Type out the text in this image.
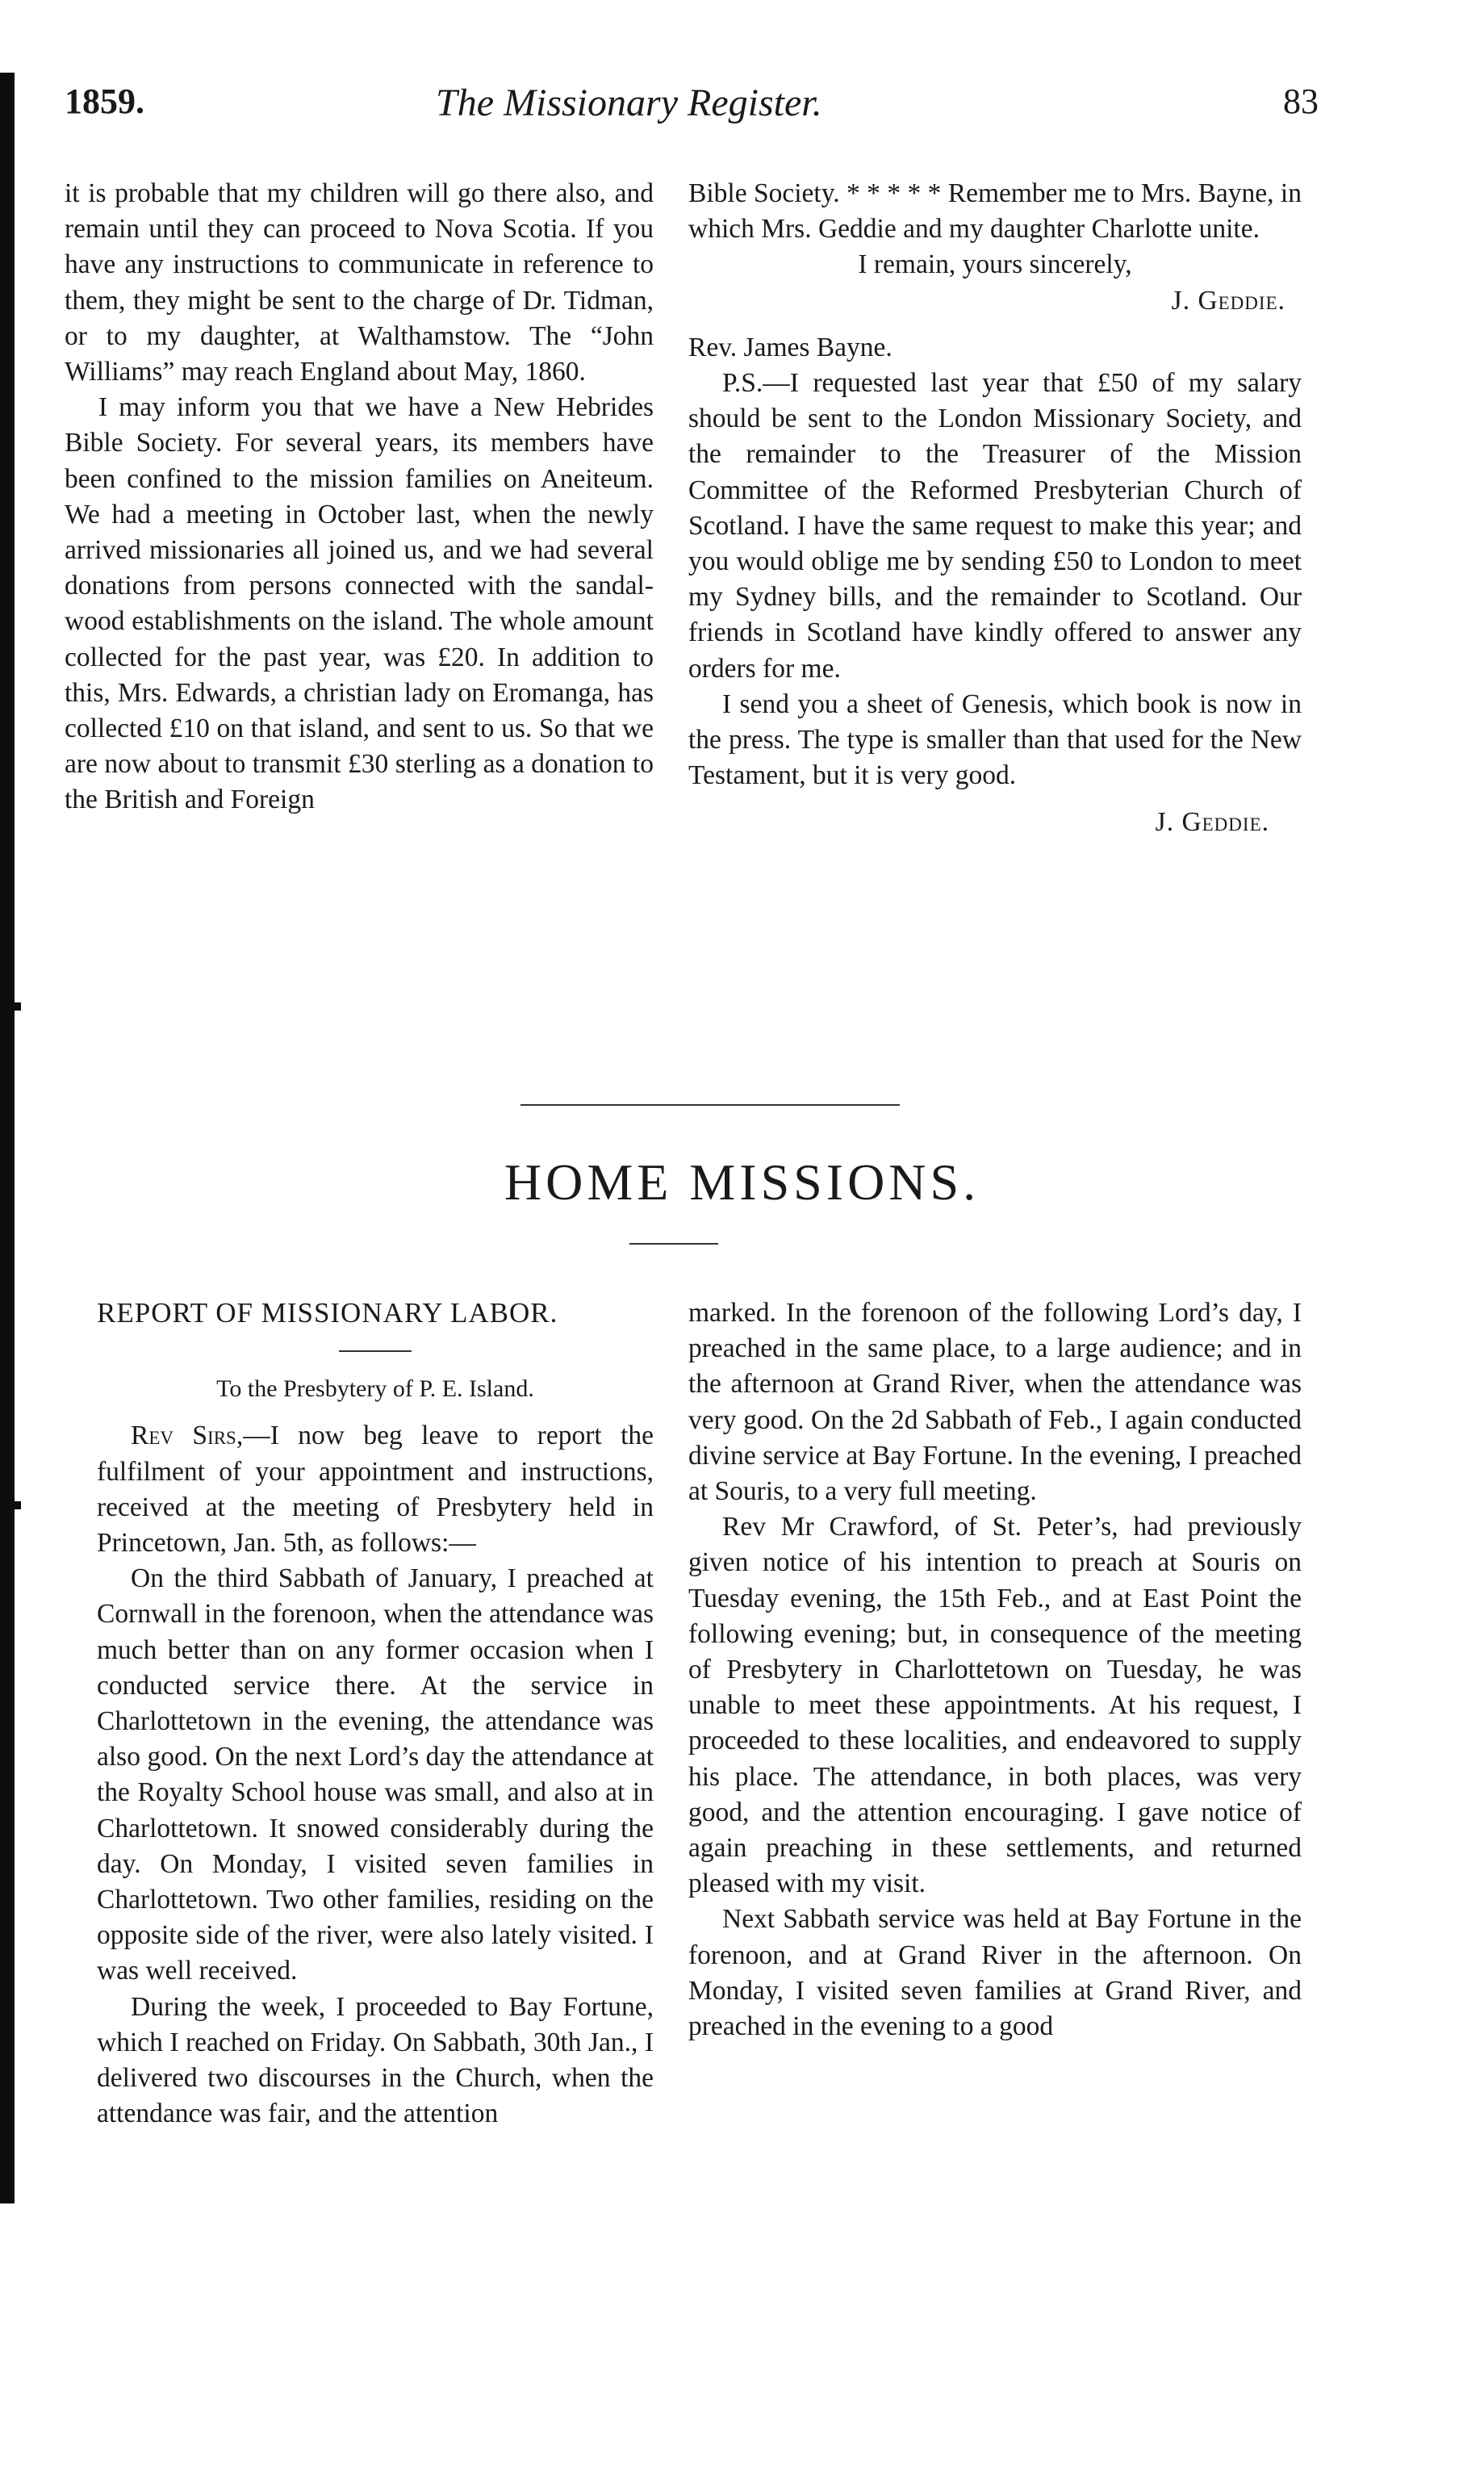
1859.	The Missionary Register.	83

it is probable that my children will go there also, and remain until they can proceed to Nova Scotia. If you have any instructions to communicate in reference to them, they might be sent to the charge of Dr. Tidman, or to my daughter, at Walthamstow. The “John Williams” may reach England about May, 1860.

I may inform you that we have a New Hebrides Bible Society. For several years, its members have been confined to the mission families on Aneiteum. We had a meeting in October last, when the newly arrived missionaries all joined us, and we had several donations from persons connected with the sandal-wood establishments on the island. The whole amount collected for the past year, was £20. In addition to this, Mrs. Edwards, a christian lady on Eromanga, has collected £10 on that island, and sent to us. So that we are now about to transmit £30 sterling as a donation to the British and Foreign

Bible Society. * * * * * Remember me to Mrs. Bayne, in which Mrs. Geddie and my daughter Charlotte unite.

I remain, yours sincerely,

J. Geddie.

Rev. James Bayne.

P.S.—I requested last year that £50 of my salary should be sent to the London Missionary Society, and the remainder to the Treasurer of the Mission Committee of the Reformed Presbyterian Church of Scotland. I have the same request to make this year; and you would oblige me by sending £50 to London to meet my Sydney bills, and the remainder to Scotland. Our friends in Scotland have kindly offered to answer any orders for me.

I send you a sheet of Genesis, which book is now in the press. The type is smaller than that used for the New Testament, but it is very good.

J. Geddie.

HOME MISSIONS.

REPORT OF MISSIONARY LABOR.

To the Presbytery of P. E. Island.

Rev Sirs,—I now beg leave to report the fulfilment of your appointment and instructions, received at the meeting of Presbytery held in Princetown, Jan. 5th, as follows:—

On the third Sabbath of January, I preached at Cornwall in the forenoon, when the attendance was much better than on any former occasion when I conducted service there. At the service in Charlottetown in the evening, the attendance was also good. On the next Lord’s day the attendance at the Royalty School house was small, and also at in Charlottetown. It snowed considerably during the day. On Monday, I visited seven families in Charlottetown. Two other families, residing on the opposite side of the river, were also lately visited. I was well received.

During the week, I proceeded to Bay Fortune, which I reached on Friday. On Sabbath, 30th Jan., I delivered two discourses in the Church, when the attendance was fair, and the attention

marked. In the forenoon of the following Lord’s day, I preached in the same place, to a large audience; and in the afternoon at Grand River, when the attendance was very good. On the 2d Sabbath of Feb., I again conducted divine service at Bay Fortune. In the evening, I preached at Souris, to a very full meeting.

Rev Mr Crawford, of St. Peter’s, had previously given notice of his intention to preach at Souris on Tuesday evening, the 15th Feb., and at East Point the following evening; but, in consequence of the meeting of Presbytery in Charlottetown on Tuesday, he was unable to meet these appointments. At his request, I proceeded to these localities, and endeavored to supply his place. The attendance, in both places, was very good, and the attention encouraging. I gave notice of again preaching in these settlements, and returned pleased with my visit.

Next Sabbath service was held at Bay Fortune in the forenoon, and at Grand River in the afternoon. On Monday, I visited seven families at Grand River, and preached in the evening to a good
